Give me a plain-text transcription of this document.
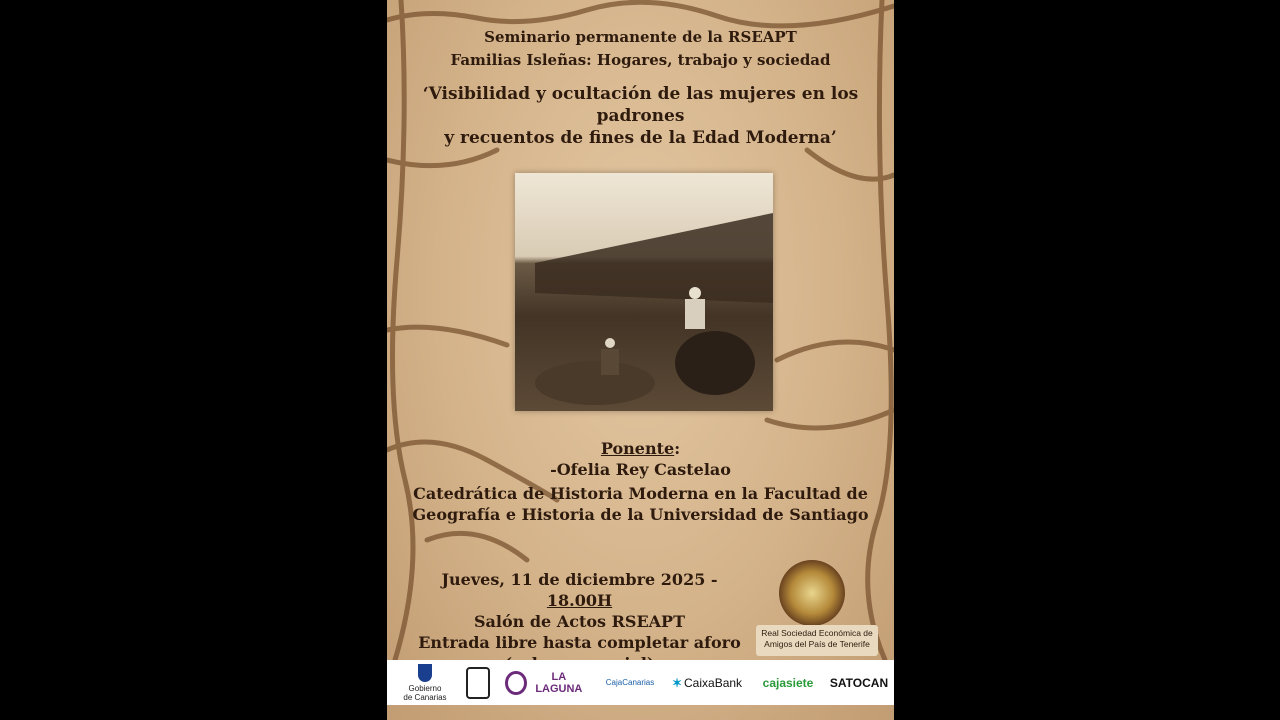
Seminario permanente de la RSEAPT
Familias Isleñas: Hogares, trabajo y sociedad
‘Visibilidad y ocultación de las mujeres en los padrones
y recuentos de fines de la Edad Moderna’
Ponente:
-Ofelia Rey Castelao
Catedrática de Historia Moderna en la Facultad de
Geografía e Historia de la Universidad de Santiago
Jueves, 11 de diciembre 2025 - 18.00H
Salón de Actos RSEAPT
Entrada libre hasta completar aforo	Real Sociedad Económica de
Amigos del País de Tenerife
Gobierno
de Canarias
LA LAGUNA	CajaCanarias	✶ CaixaBank	cajasiete	SATOCAN
